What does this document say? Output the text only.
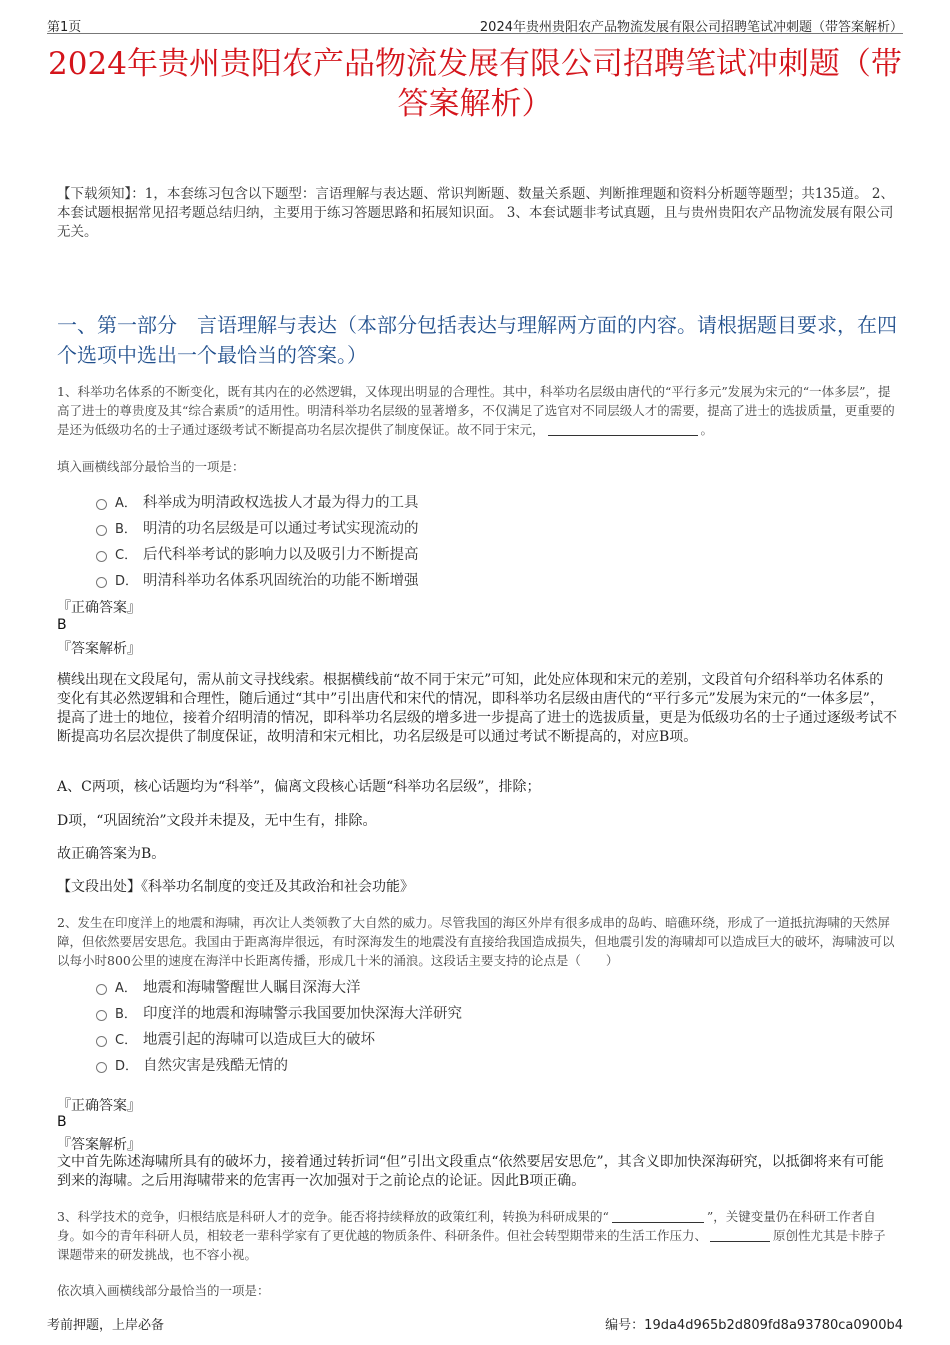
第1页	2024年贵州贵阳农产品物流发展有限公司招聘笔试冲刺题（带答案解析）
2024年贵州贵阳农产品物流发展有限公司招聘笔试冲刺题（带答案解析）
【下载须知】：1，本套练习包含以下题型：言语理解与表达题、常识判断题、数量关系题、判断推理题和资料分析题等题型；共135道。 2、本套试题根据常见招考题总结归纳，主要用于练习答题思路和拓展知识面。 3、本套试题非考试真题，且与贵州贵阳农产品物流发展有限公司无关。
一、第一部分　言语理解与表达（本部分包括表达与理解两方面的内容。请根据题目要求，在四个选项中选出一个最恰当的答案。）
1、科举功名体系的不断变化，既有其内在的必然逻辑，又体现出明显的合理性。其中，科举功名层级由唐代的“平行多元”发展为宋元的“一体多层”，提高了进士的尊贵度及其“综合素质”的适用性。明清科举功名层级的显著增多，不仅满足了选官对不同层级人才的需要，提高了进士的选拔质量，更重要的是还为低级功名的士子通过逐级考试不断提高功名层次提供了制度保证。故不同于宋元，	。
填入画横线部分最恰当的一项是：
A． 科举成为明清政权选拔人才最为得力的工具
B． 明清的功名层级是可以通过考试实现流动的
C． 后代科举考试的影响力以及吸引力不断提高
D． 明清科举功名体系巩固统治的功能不断增强
『正确答案』
B
『答案解析』
横线出现在文段尾句，需从前文寻找线索。根据横线前“故不同于宋元”可知，此处应体现和宋元的差别，文段首句介绍科举功名体系的变化有其必然逻辑和合理性，随后通过“其中”引出唐代和宋代的情况，即科举功名层级由唐代的“平行多元”发展为宋元的“一体多层”，提高了进士的地位，接着介绍明清的情况，即科举功名层级的增多进一步提高了进士的选拔质量，更是为低级功名的士子通过逐级考试不断提高功名层次提供了制度保证，故明清和宋元相比，功名层级是可以通过考试不断提高的，对应B项。
A、C两项，核心话题均为“科举”，偏离文段核心话题“科举功名层级”，排除；
D项，“巩固统治”文段并未提及，无中生有，排除。
故正确答案为B。
【文段出处】《科举功名制度的变迁及其政治和社会功能》
2、发生在印度洋上的地震和海啸，再次让人类领教了大自然的威力。尽管我国的海区外岸有很多成串的岛屿、暗礁环绕，形成了一道抵抗海啸的天然屏障，但依然要居安思危。我国由于距离海岸很远，有时深海发生的地震没有直接给我国造成损失，但地震引发的海啸却可以造成巨大的破坏，海啸波可以以每小时800公里的速度在海洋中长距离传播，形成几十米的涌浪。这段话主要支持的论点是（　　）
A． 地震和海啸警醒世人瞩目深海大洋
B． 印度洋的地震和海啸警示我国要加快深海大洋研究
C． 地震引起的海啸可以造成巨大的破坏
D． 自然灾害是残酷无情的
『正确答案』
B
『答案解析』
文中首先陈述海啸所具有的破坏力，接着通过转折词“但”引出文段重点“依然要居安思危”，其含义即加快深海研究，以抵御将来有可能到来的海啸。之后用海啸带来的危害再一次加强对于之前论点的论证。因此B项正确。
3、科学技术的竞争，归根结底是科研人才的竞争。能否将持续释放的政策红利，转换为科研成果的“	”，关键变量仍在科研工作者自身。如今的青年科研人员，相较老一辈科学家有了更优越的物质条件、科研条件。但社会转型期带来的生活工作压力、	原创性尤其是卡脖子课题带来的研发挑战，也不容小视。
依次填入画横线部分最恰当的一项是：
考前押题，上岸必备	编号：19da4d965b2d809fd8a93780ca0900b4
